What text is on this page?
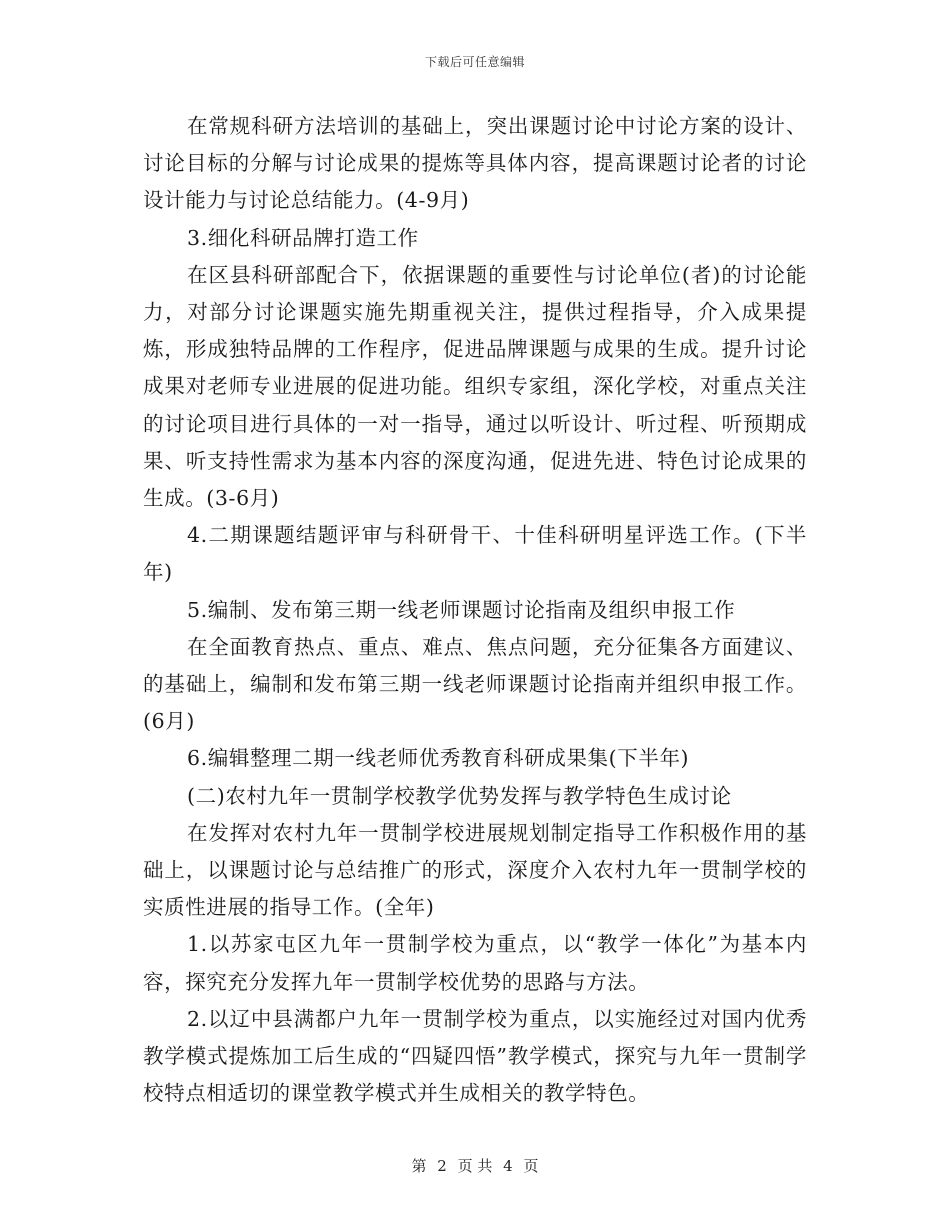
下载后可任意编辑

在常规科研方法培训的基础上，突出课题讨论中讨论方案的设计、讨论目标的分解与讨论成果的提炼等具体内容，提高课题讨论者的讨论设计能力与讨论总结能力。(4-9月)

3.细化科研品牌打造工作

在区县科研部配合下，依据课题的重要性与讨论单位(者)的讨论能力，对部分讨论课题实施先期重视关注，提供过程指导，介入成果提炼，形成独特品牌的工作程序，促进品牌课题与成果的生成。提升讨论成果对老师专业进展的促进功能。组织专家组，深化学校，对重点关注的讨论项目进行具体的一对一指导，通过以听设计、听过程、听预期成果、听支持性需求为基本内容的深度沟通，促进先进、特色讨论成果的生成。(3-6月)

4.二期课题结题评审与科研骨干、十佳科研明星评选工作。(下半年)

5.编制、发布第三期一线老师课题讨论指南及组织申报工作

在全面教育热点、重点、难点、焦点问题，充分征集各方面建议、的基础上，编制和发布第三期一线老师课题讨论指南并组织申报工作。(6月)

6.编辑整理二期一线老师优秀教育科研成果集(下半年)

(二)农村九年一贯制学校教学优势发挥与教学特色生成讨论

在发挥对农村九年一贯制学校进展规划制定指导工作积极作用的基础上，以课题讨论与总结推广的形式，深度介入农村九年一贯制学校的实质性进展的指导工作。(全年)

1.以苏家屯区九年一贯制学校为重点，以“教学一体化”为基本内容，探究充分发挥九年一贯制学校优势的思路与方法。

2.以辽中县满都户九年一贯制学校为重点，以实施经过对国内优秀教学模式提炼加工后生成的“四疑四悟”教学模式，探究与九年一贯制学校特点相适切的课堂教学模式并生成相关的教学特色。

第 2 页 共 4 页
